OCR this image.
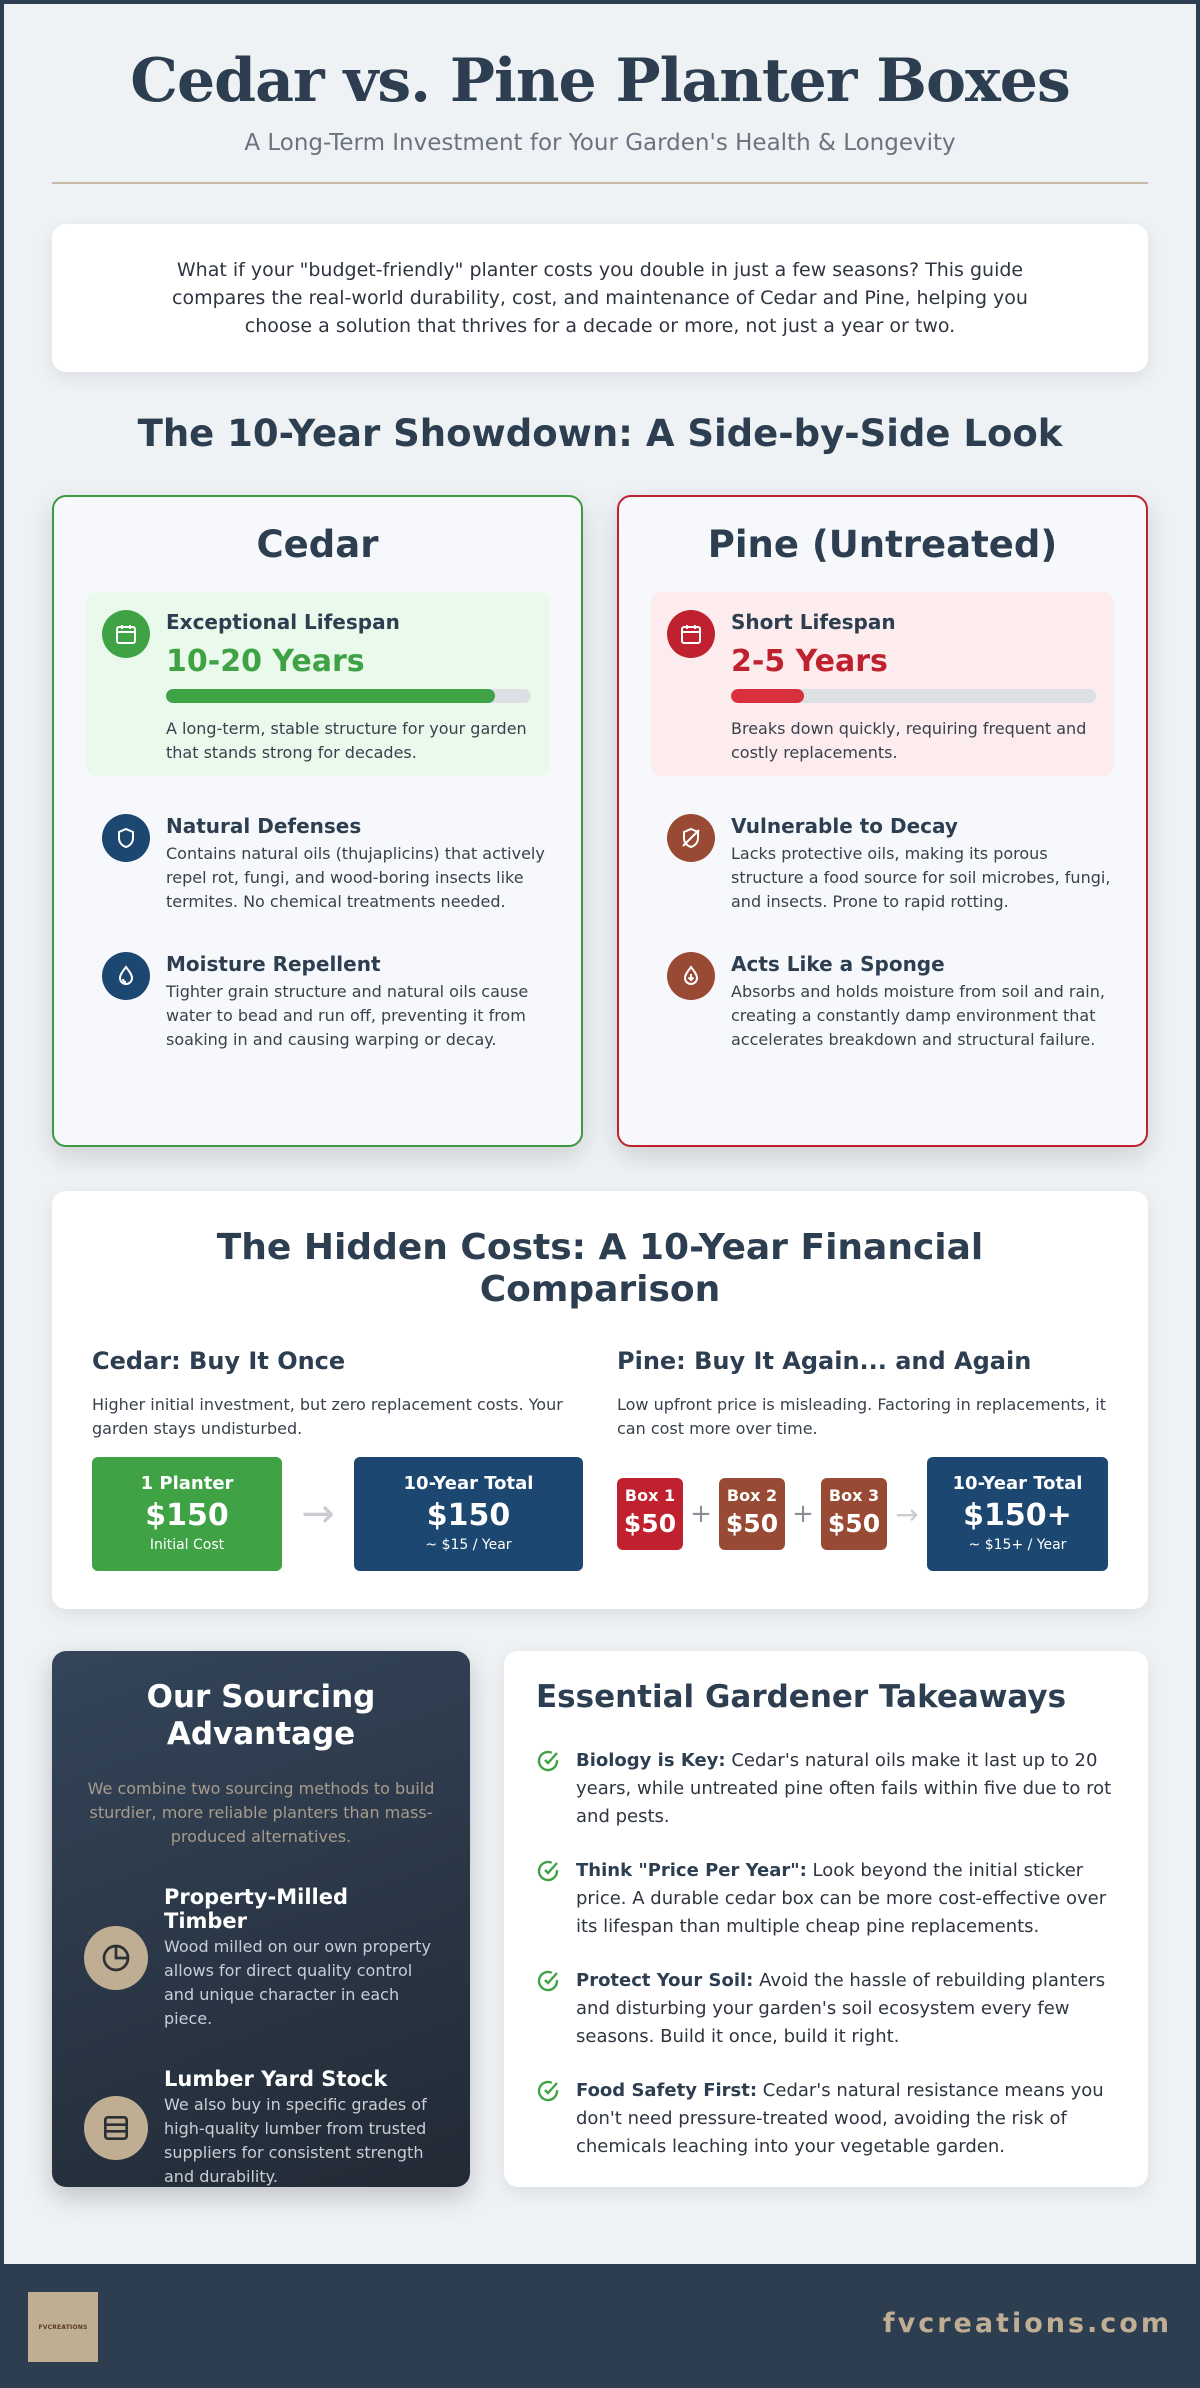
Cedar vs. Pine Planter Boxes
A Long-Term Investment for Your Garden's Health & Longevity
What if your "budget-friendly" planter costs you double in just a few seasons? This guide compares the real-world durability, cost, and maintenance of Cedar and Pine, helping you choose a solution that thrives for a decade or more, not just a year or two.
The 10-Year Showdown: A Side-by-Side Look
Cedar
Exceptional Lifespan
10-20 Years
A long-term, stable structure for your garden that stands strong for decades.
Natural Defenses
Contains natural oils (thujaplicins) that actively repel rot, fungi, and wood-boring insects like termites. No chemical treatments needed.
Moisture Repellent
Tighter grain structure and natural oils cause water to bead and run off, preventing it from soaking in and causing warping or decay.
Pine (Untreated)
Short Lifespan
2-5 Years
Breaks down quickly, requiring frequent and costly replacements.
Vulnerable to Decay
Lacks protective oils, making its porous structure a food source for soil microbes, fungi, and insects. Prone to rapid rotting.
Acts Like a Sponge
Absorbs and holds moisture from soil and rain, creating a constantly damp environment that accelerates breakdown and structural failure.
The Hidden Costs: A 10-Year Financial Comparison
Cedar: Buy It Once
Higher initial investment, but zero replacement costs. Your garden stays undisturbed.
1 Planter
$150
Initial Cost
→
10-Year Total
$150
~ $15 / Year
Pine: Buy It Again... and Again
Low upfront price is misleading. Factoring in replacements, it can cost more over time.
Box 1
$50 +
Box 2
$50 +
Box 3
$50 →
10-Year Total
$150+
~ $15+ / Year
Our Sourcing Advantage
We combine two sourcing methods to build sturdier, more reliable planters than mass-produced alternatives.
Property-Milled Timber
Wood milled on our own property allows for direct quality control and unique character in each piece.
Lumber Yard Stock
We also buy in specific grades of high-quality lumber from trusted suppliers for consistent strength and durability.
Essential Gardener Takeaways
Biology is Key: Cedar's natural oils make it last up to 20 years, while untreated pine often fails within five due to rot and pests.
Think "Price Per Year": Look beyond the initial sticker price. A durable cedar box can be more cost-effective over its lifespan than multiple cheap pine replacements.
Protect Your Soil: Avoid the hassle of rebuilding planters and disturbing your garden's soil ecosystem every few seasons. Build it once, build it right.
Food Safety First: Cedar's natural resistance means you don't need pressure-treated wood, avoiding the risk of chemicals leaching into your vegetable garden.
FVCREATIONS	fvcreations.com
